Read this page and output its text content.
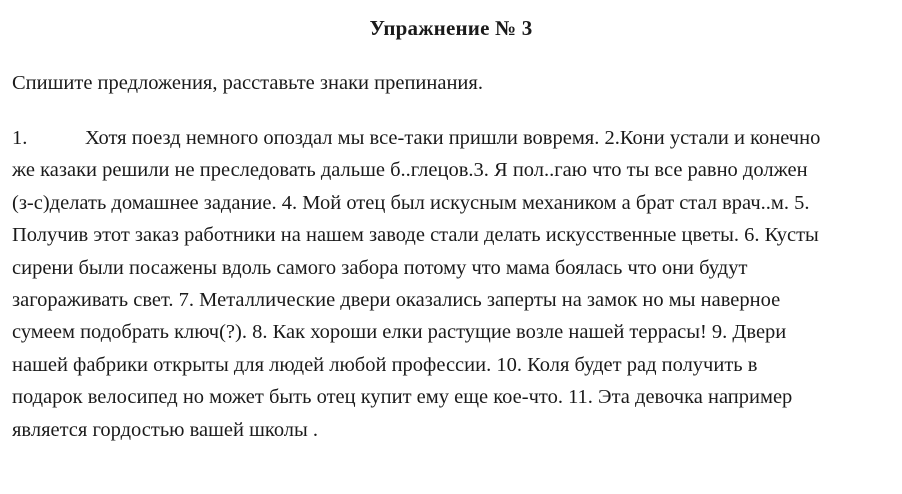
Упражнение № 3
Спишите предложения, расставьте знаки препинания.
1.	Хотя поезд немного опоздал мы все-таки пришли вовремя. 2.Кони устали и конечно
же казаки решили не преследовать дальше б..глецов.3. Я пол..гаю что ты все равно должен
(з-с)делать домашнее задание. 4. Мой отец был искусным механиком а брат стал врач..м. 5.
Получив этот заказ работники на нашем заводе стали делать искусственные цветы. 6. Кусты
сирени были посажены вдоль самого забора потому что мама боялась что они будут
загораживать свет. 7. Металлические двери оказались заперты на замок но мы наверное
сумеем подобрать ключ(?). 8. Как хороши елки растущие возле нашей террасы! 9. Двери
нашей фабрики открыты для людей любой профессии. 10. Коля будет рад получить в
подарок велосипед но может быть отец купит ему еще кое-что. 11. Эта девочка например
является гордостью вашей школы .
